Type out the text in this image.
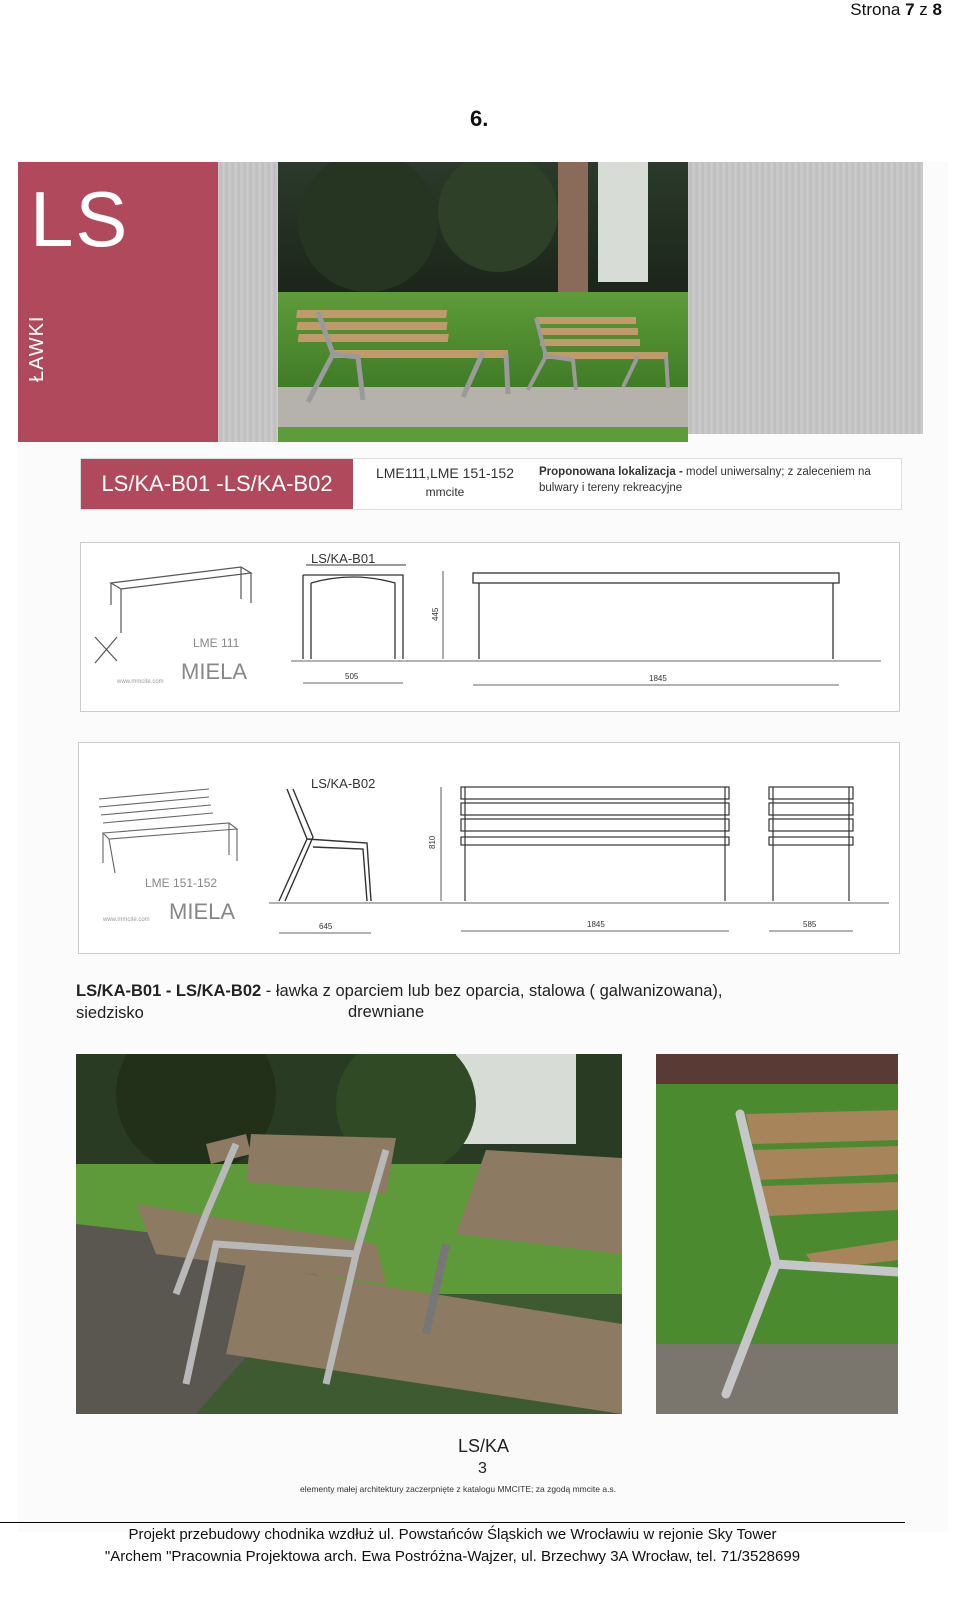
Strona 7 z 8
6.
LS
ŁAWKI
LS/KA-B01 -LS/KA-B02	LME111,LME 151-152
mmcite
Proponowana lokalizacja - model uniwersalny; z zaleceniem na bulwary i tereny rekreacyjne
LME 111
MIELA
www.mmcite.com
LS/KA-B01
445
505	1845
LME 151-152
MIELA
www.mmcite.com
LS/KA-B02
810
645	1845	585
LS/KA-B01 - LS/KA-B02 - ławka z oparciem lub bez oparcia, stalowa ( galwanizowana),
siedzisko	drewniane
LS/KA
3
elementy małej architektury zaczerpnięte z katalogu MMCITE; za zgodą mmcite a.s.
Projekt przebudowy chodnika wzdłuż ul. Powstańców Śląskich we Wrocławiu w rejonie Sky Tower
"Archem "Pracownia Projektowa arch. Ewa Postróżna-Wajzer, ul. Brzechwy 3A Wrocław, tel. 71/3528699
